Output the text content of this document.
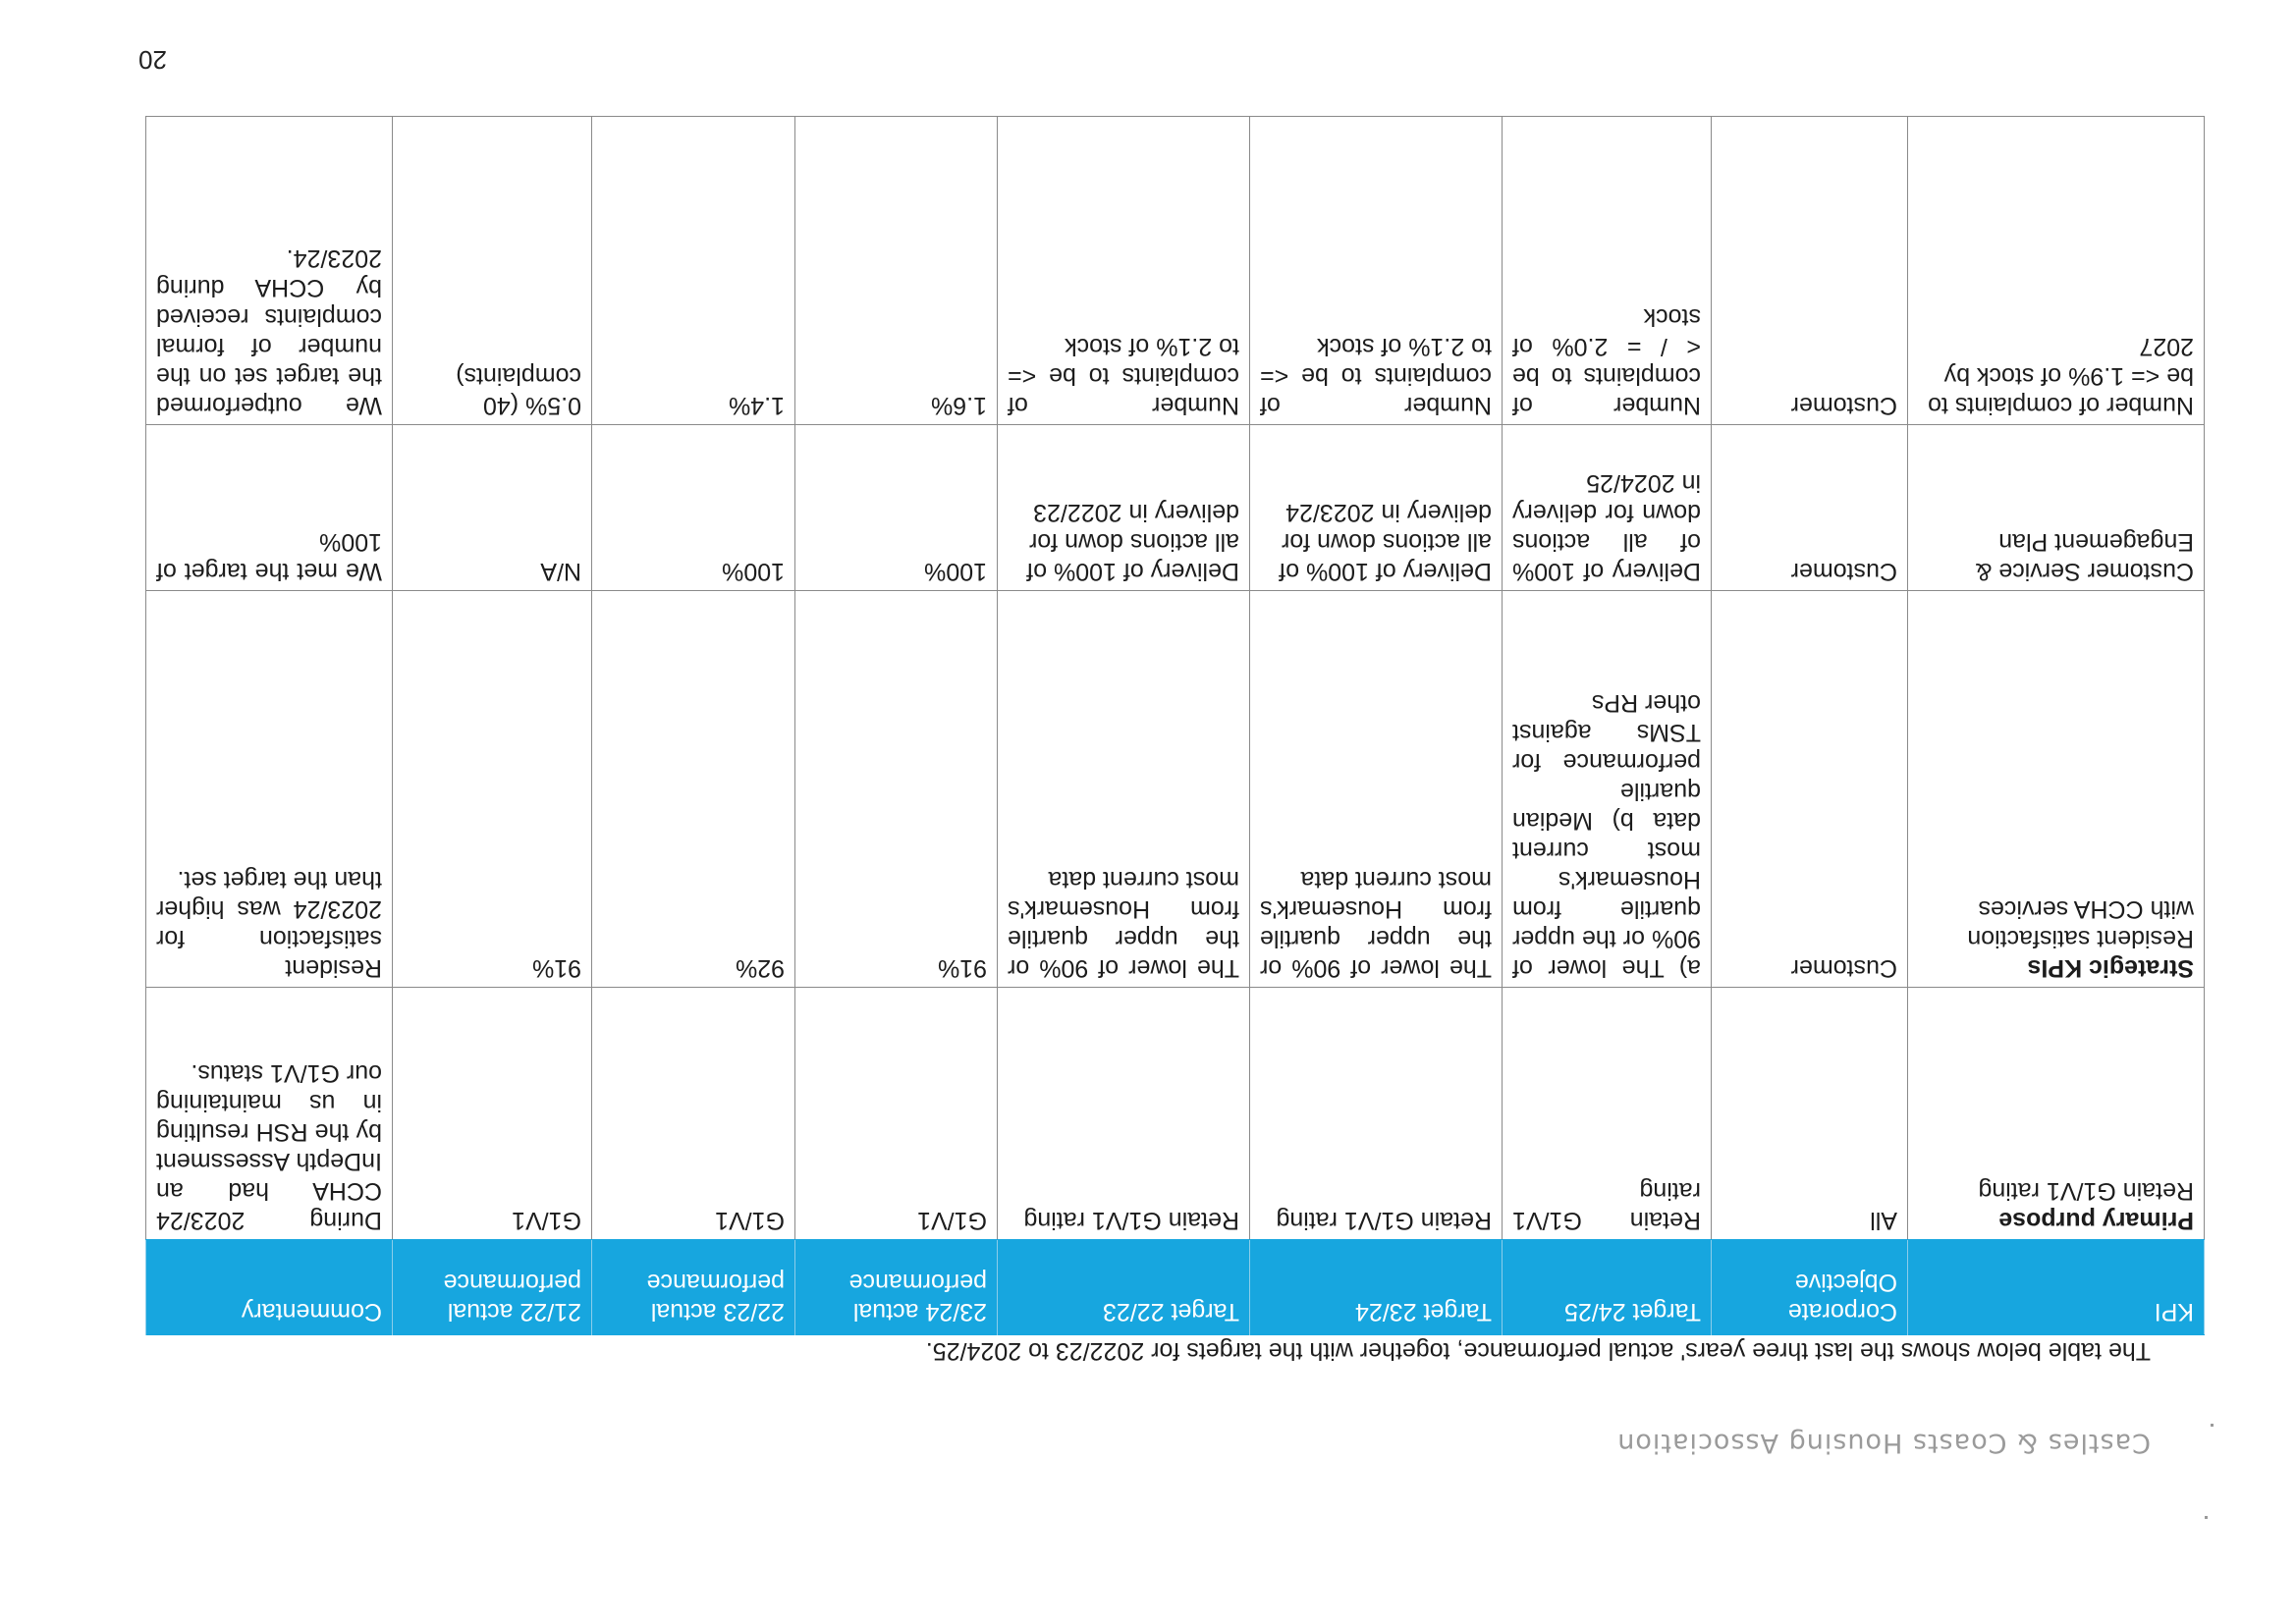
Castles & Coasts Housing Association
The table below shows the last three years' actual performance, together with the targets for 2022/23 to 2024/25.
KPI	Corporate Objective	Target 24/25	Target 23/24	Target 22/23	23/24 actual performance	22/23 actual performance	21/22 actual performance	Commentary

Primary purpose
Retain G1/V1 rating	All	Retain G1/V1 rating	Retain G1/V1 rating	Retain G1/V1 rating	G1/V1	G1/V1	G1/V1	During 2023/24 CCHA had an InDepth Assessment by the RSH resulting in us maintaining our G1/V1 status.

Strategic KPIs
Resident satisfaction with CCHA services	Customer	a) The lower of 90% or the upper quartile from Housemark's most current data b) Median quartile performance for TSMs against other RPs	The lower of 90% or the upper quartile from Housemark's most current data	The lower of 90% or the upper quartile from Housemark's most current data	91%	92%	91%	Resident satisfaction for 2023/24 was higher than the target set.

Customer Service & Engagement Plan	Customer	Delivery of 100% of all actions down for delivery in 2024/25	Delivery of 100% of all actions down for delivery in 2023/24	Delivery of 100% of all actions down for delivery in 2022/23	100%	100%	N/A	We met the target of 100%

Number of complaints to be <= 1.9% of stock by 2027	Customer	Number of complaints to be < / = 2.0% of stock	Number of complaints to be <= to 2.1% of stock	Number of complaints to be <= to 2.1% of stock	1.6%	1.4%	0.5% (40 complaints)	We outperformed the target set on the number of formal complaints received by CCHA during 2023/24.
20
